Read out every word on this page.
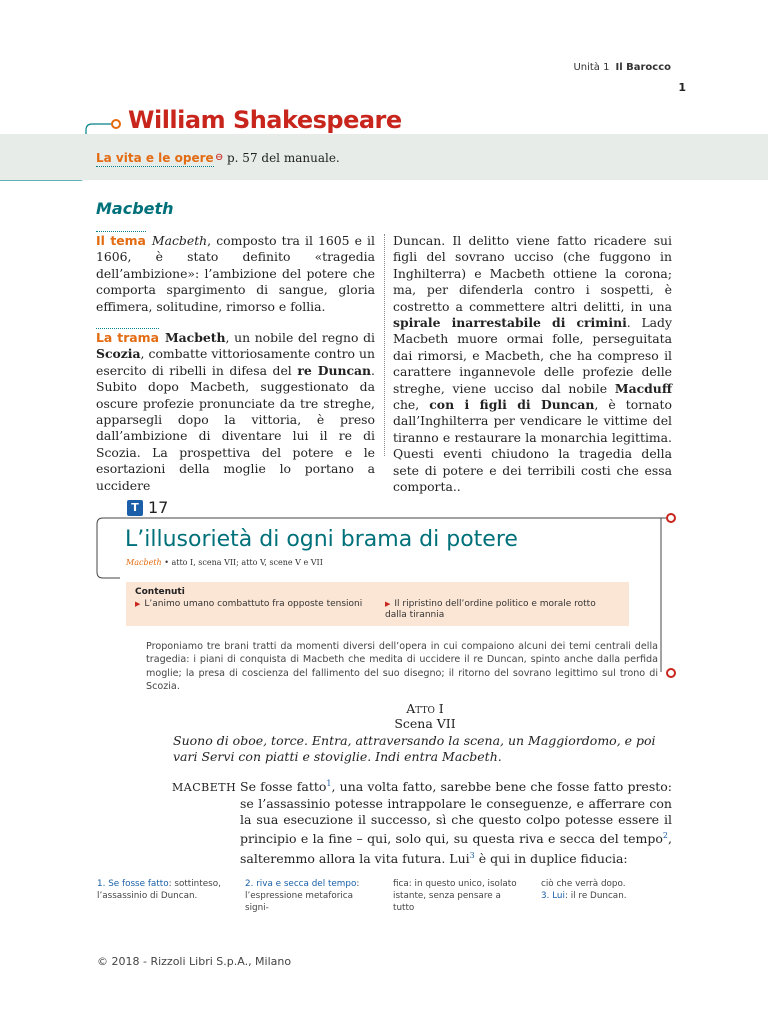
Unità 1 Il Barocco
1
William Shakespeare
La vita e le opere ⊖ p. 57 del manuale.
Macbeth

Il tema Macbeth, composto tra il 1605 e il 1606, è stato definito «tragedia dell’ambizione»: l’ambizione del potere che comporta spargimento di sangue, gloria effimera, solitudine, rimorso e follia.

La trama Macbeth, un nobile del regno di Scozia, combatte vittoriosamente contro un esercito di ribelli in difesa del re Duncan. Subito dopo Macbeth, suggestionato da oscure profezie pronunciate da tre streghe, apparsegli dopo la vittoria, è preso dall’ambizione di diventare lui il re di Scozia. La prospettiva del potere e le esortazioni della moglie lo portano a uccidere

Duncan. Il delitto viene fatto ricadere sui figli del sovrano ucciso (che fuggono in Inghilterra) e Macbeth ottiene la corona; ma, per difenderla contro i sospetti, è costretto a commettere altri delitti, in una spirale inarrestabile di crimini. Lady Macbeth muore ormai folle, perseguitata dai rimorsi, e Macbeth, che ha compreso il carattere ingannevole delle profezie delle streghe, viene ucciso dal nobile Macduff che, con i figli di Duncan, è tornato dall’Inghilterra per vendicare le vittime del tiranno e restaurare la monarchia legittima. Questi eventi chiudono la tragedia della sete di potere e dei terribili costi che essa comporta..

T 17
L’illusorietà di ogni brama di potere
Macbeth • atto I, scena VII; atto V, scene V e VII
Contenuti
▶ L’animo umano combattuto fra opposte tensioni	▶ Il ripristino dell’ordine politico e morale rotto dalla tirannia
Proponiamo tre brani tratti da momenti diversi dell’opera in cui compaiono alcuni dei temi centrali della tragedia: i piani di conquista di Macbeth che medita di uccidere il re Duncan, spinto anche dalla perfida moglie; la presa di coscienza del fallimento del suo disegno; il ritorno del sovrano legittimo sul trono di Scozia.
Atto I
Scena VII
Suono di oboe, torce. Entra, attraversando la scena, un Maggiordomo, e poi vari Servi con piatti e stoviglie. Indi entra Macbeth.
MACBETH Se fosse fatto$^1$, una volta fatto, sarebbe bene che fosse fatto presto: se l’assassinio potesse intrappolare le conseguenze, e afferrare con la sua esecuzione il successo, sì che questo colpo potesse essere il principio e la fine – qui, solo qui, su questa riva e secca del tempo$^2$, salteremmo allora la vita futura. Lui$^3$ è qui in duplice fiducia:
1. Se fosse fatto: sottinteso, l’assassinio di Duncan.
2. riva e secca del tempo: l’espressione metaforica signi-
fica: in questo unico, isolato istante, senza pensare a tutto
ciò che verrà dopo.
3. Lui: il re Duncan.
© 2018 - Rizzoli Libri S.p.A., Milano
